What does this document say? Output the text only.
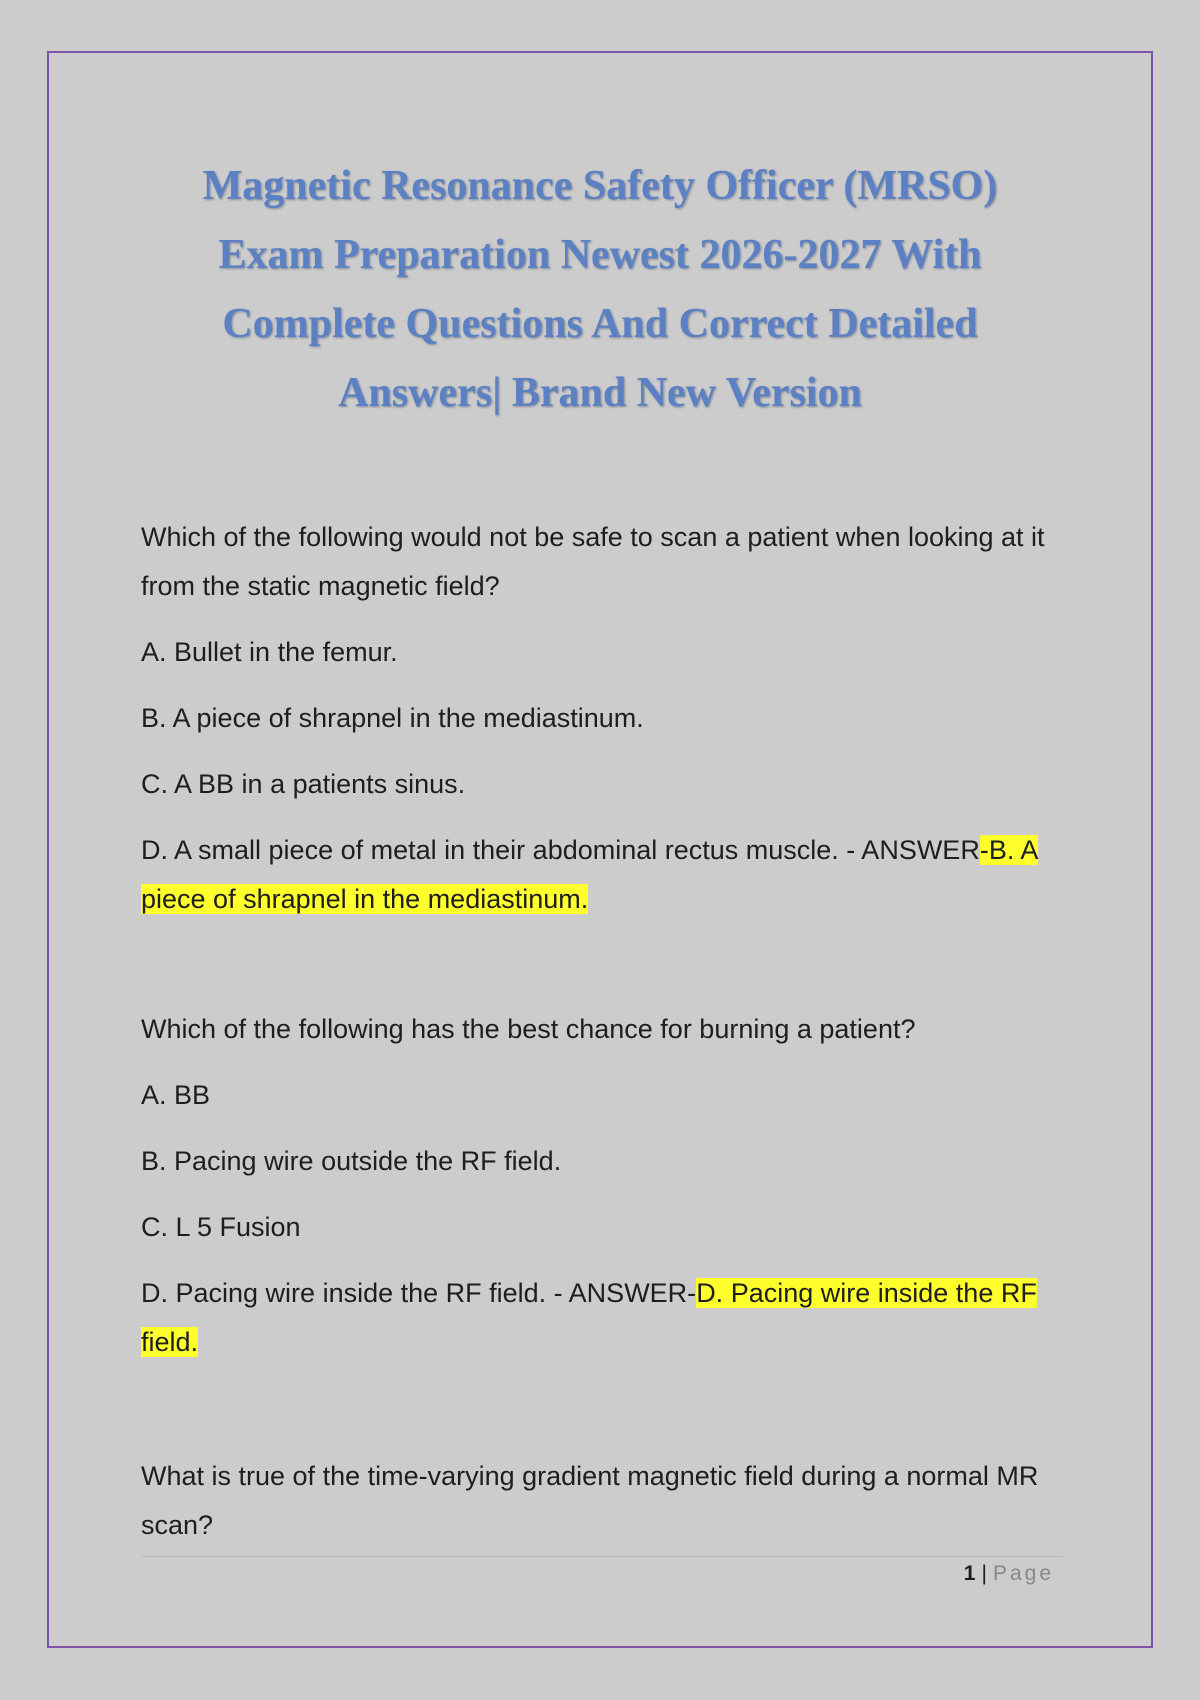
Magnetic Resonance Safety Officer (MRSO)
Exam Preparation Newest 2026-2027 With
Complete Questions And Correct Detailed
Answers| Brand New Version

Which of the following would not be safe to scan a patient when looking at it from the static magnetic field?

A. Bullet in the femur.

B. A piece of shrapnel in the mediastinum.

C. A BB in a patients sinus.

D. A small piece of metal in their abdominal rectus muscle. - ANSWER-B. A piece of shrapnel in the mediastinum.

Which of the following has the best chance for burning a patient?

A. BB

B. Pacing wire outside the RF field.

C. L 5 Fusion

D. Pacing wire inside the RF field. - ANSWER-D. Pacing wire inside the RF field.

What is true of the time-varying gradient magnetic field during a normal MR scan?

1 | Page
